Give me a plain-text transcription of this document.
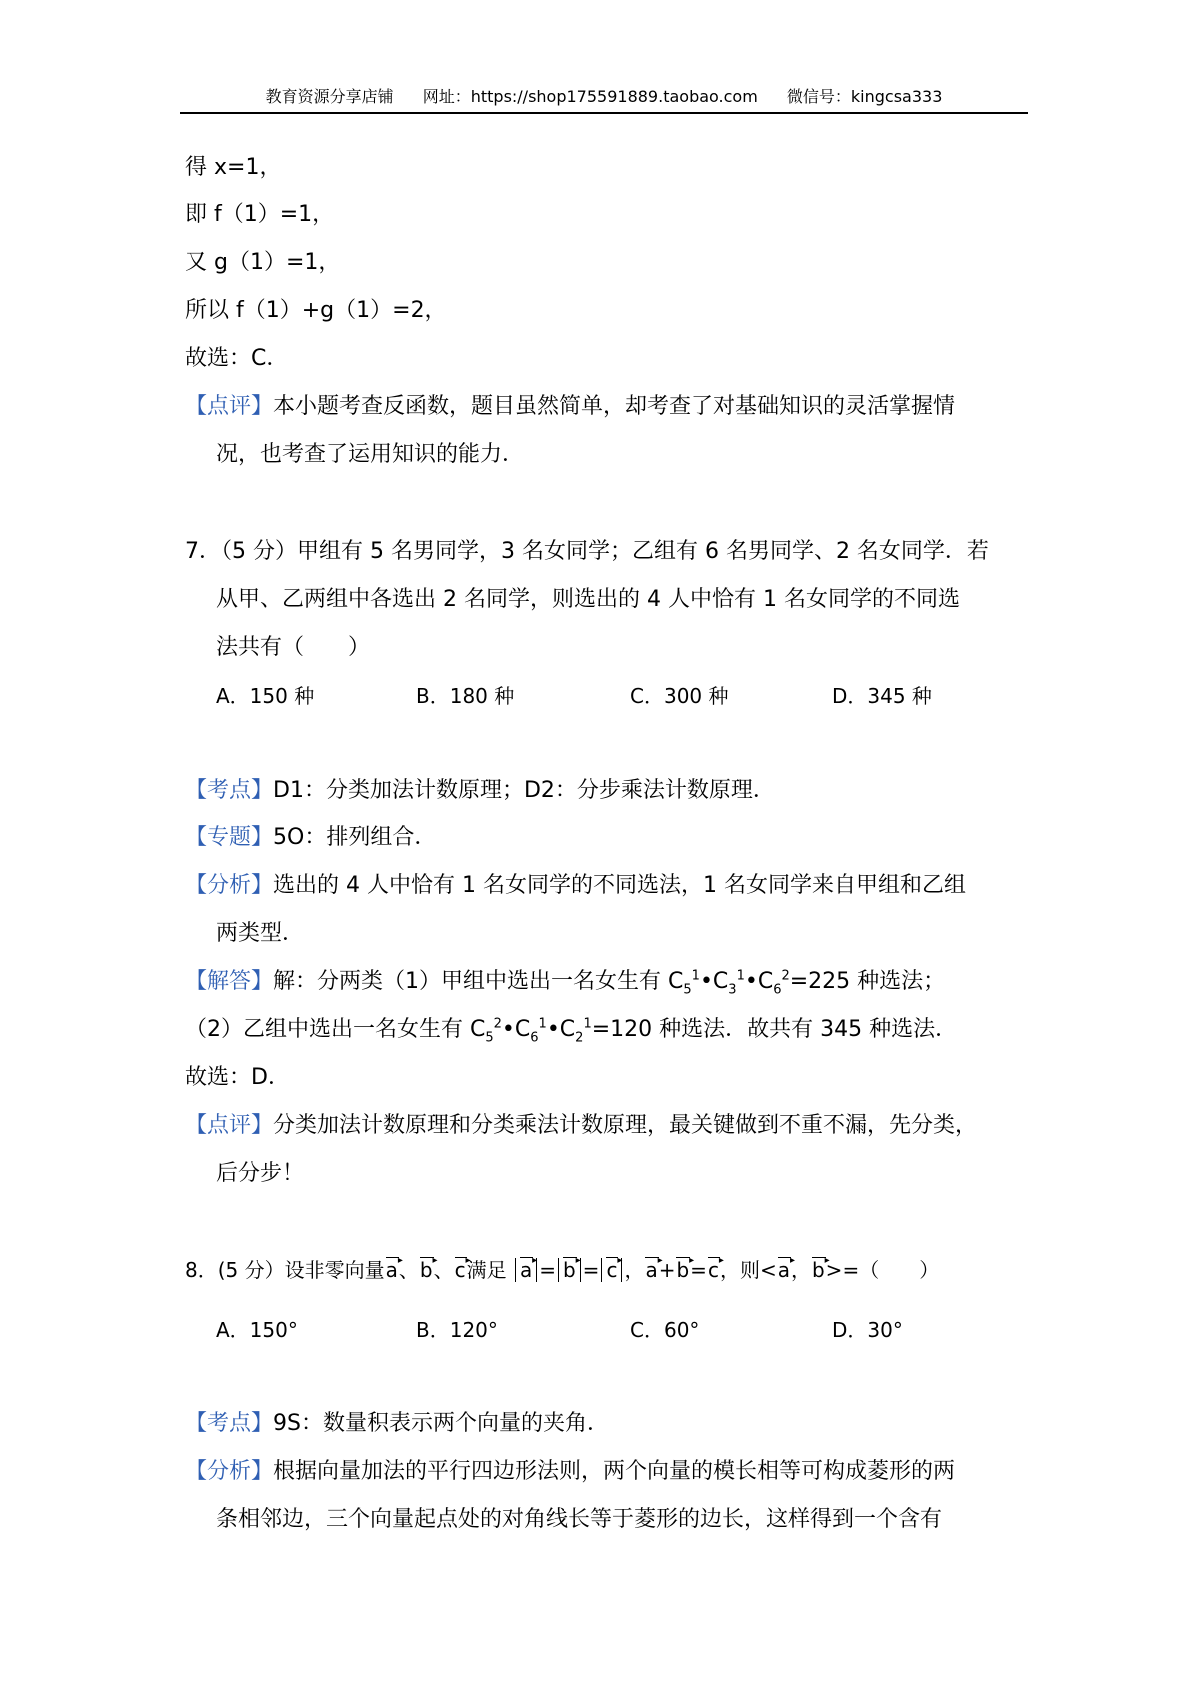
教育资源分享店铺 网址：https://shop175591889.taobao.com 微信号：kingcsa333
得 x=1，
即 f（1）=1，
又 g（1）=1，
所以 f（1）+g（1）=2，
故选：C．
【点评】本小题考查反函数，题目虽然简单，却考查了对基础知识的灵活掌握情
况，也考查了运用知识的能力．
7．（5 分）甲组有 5 名男同学，3 名女同学；乙组有 6 名男同学、2 名女同学．若
从甲、乙两组中各选出 2 名同学，则选出的 4 人中恰有 1 名女同学的不同选
法共有（　　）
A．150 种	B．180 种	C．300 种	D．345 种
【考点】D1：分类加法计数原理；D2：分步乘法计数原理．
【专题】5O：排列组合．
【分析】选出的 4 人中恰有 1 名女同学的不同选法，1 名女同学来自甲组和乙组
两类型．
【解答】解：分两类（1）甲组中选出一名女生有 $C_5^1•C_3^1•C_6^2=225$ 种选法；
（2）乙组中选出一名女生有 $C_5^2•C_6^1•C_2^1=120$ 种选法．故共有 345 种选法．
故选：D．
【点评】分类加法计数原理和分类乘法计数原理，最关键做到不重不漏，先分类，
后分步！
8．(5 分）设非零向量a ▸、b ▸、c ▸满足 a ▸ = b ▸ = c ▸ ，a ▸+b ▸=c ▸，则<a ▸，b ▸>=（　　）
A．150°	B．120°	C．60°	D．30°
【考点】9S：数量积表示两个向量的夹角．
【分析】根据向量加法的平行四边形法则，两个向量的模长相等可构成菱形的两
条相邻边，三个向量起点处的对角线长等于菱形的边长，这样得到一个含有
